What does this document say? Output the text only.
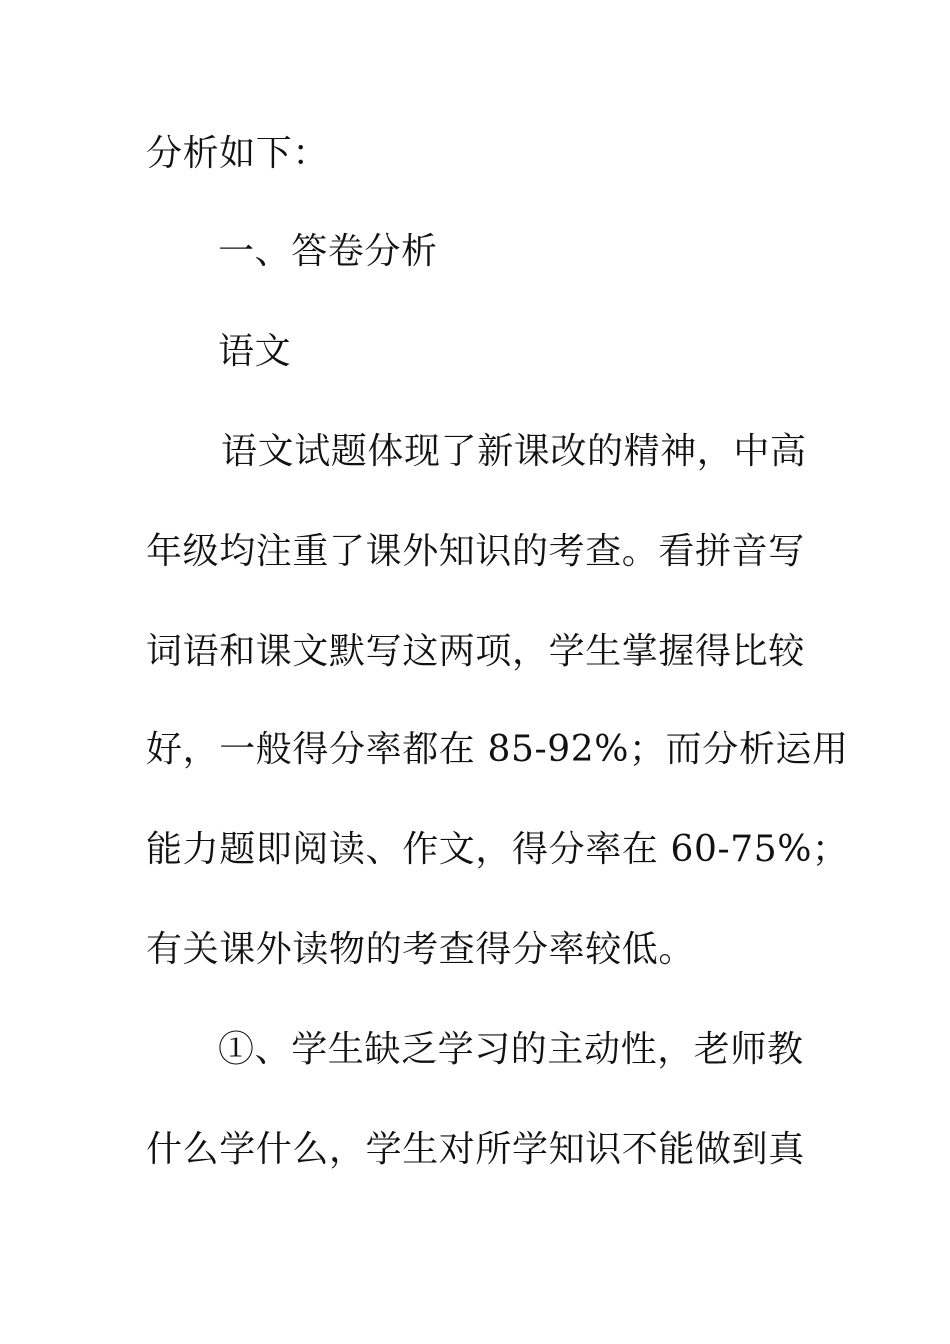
分析如下：
一、答卷分析
语文
语文试题体现了新课改的精神，中高
年级均注重了课外知识的考查。看拼音写
词语和课文默写这两项，学生掌握得比较
好，一般得分率都在 85-92%；而分析运用
能力题即阅读、作文，得分率在 60-75%；
有关课外读物的考查得分率较低。
①、学生缺乏学习的主动性，老师教
什么学什么，学生对所学知识不能做到真
